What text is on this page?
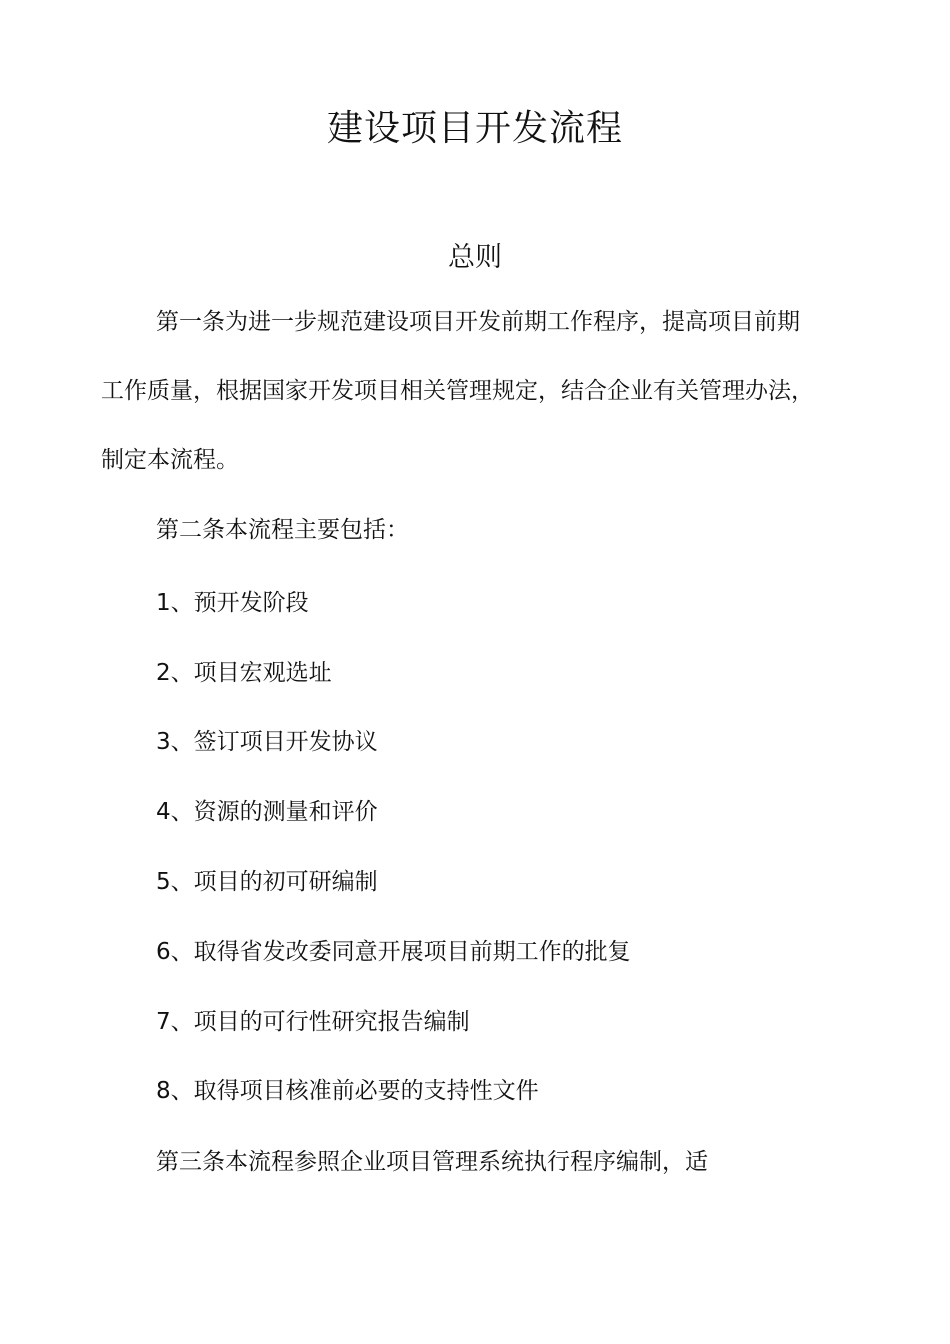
建设项目开发流程
总则
第一条为进一步规范建设项目开发前期工作程序，提高项目前期
工作质量，根据国家开发项目相关管理规定，结合企业有关管理办法，
制定本流程。
第二条本流程主要包括：
1、预开发阶段
2、项目宏观选址
3、签订项目开发协议
4、资源的测量和评价
5、项目的初可研编制
6、取得省发改委同意开展项目前期工作的批复
7、项目的可行性研究报告编制
8、取得项目核准前必要的支持性文件
第三条本流程参照企业项目管理系统执行程序编制，适
